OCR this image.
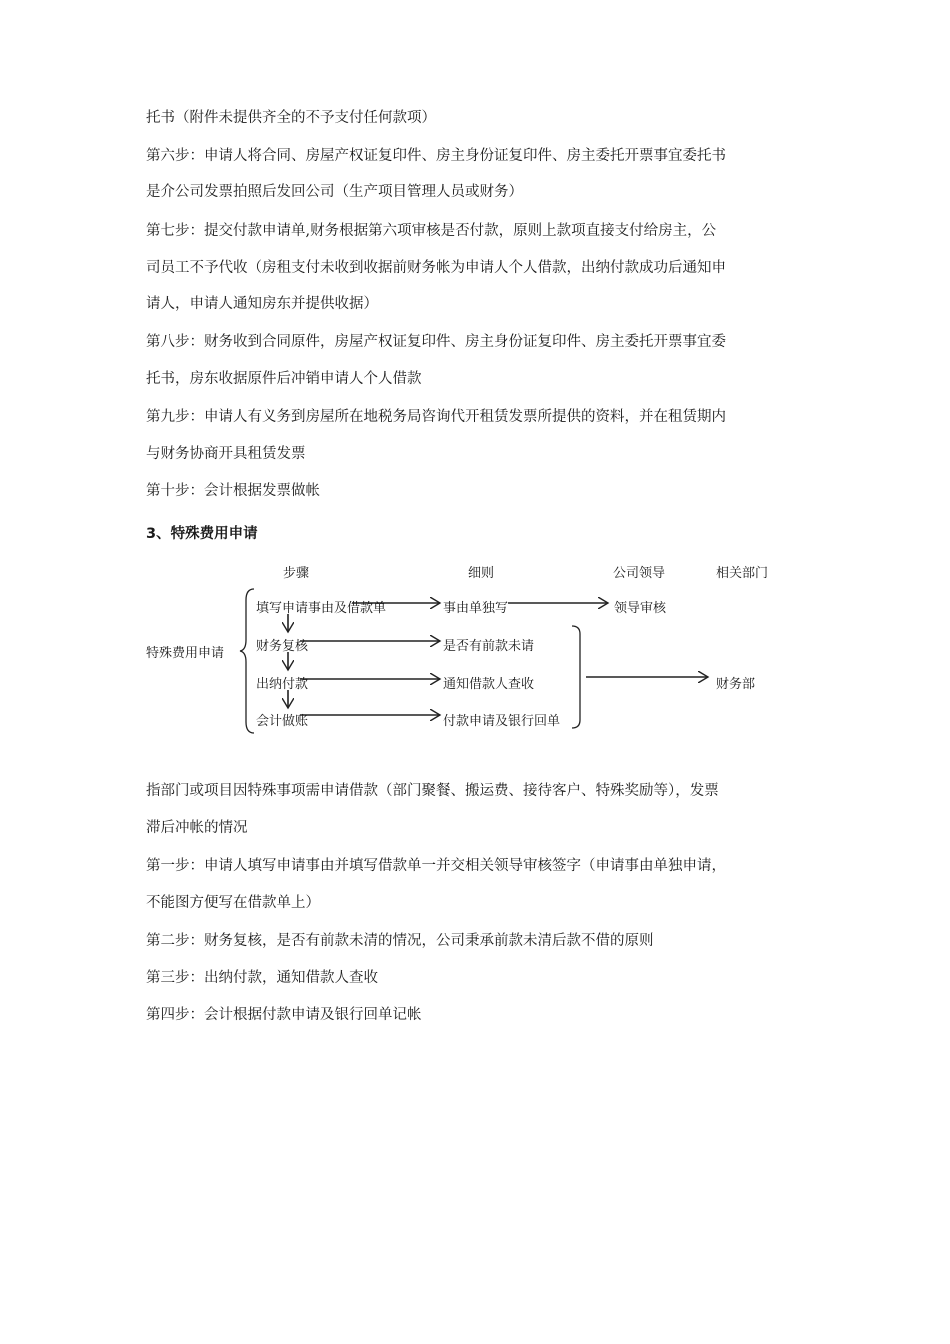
托书（附件未提供齐全的不予支付任何款项）
第六步：申请人将合同、房屋产权证复印件、房主身份证复印件、房主委托开票事宜委托书
是介公司发票拍照后发回公司（生产项目管理人员或财务）
第七步：提交付款申请单,财务根据第六项审核是否付款，原则上款项直接支付给房主，公
司员工不予代收（房租支付未收到收据前财务帐为申请人个人借款，出纳付款成功后通知申
请人，申请人通知房东并提供收据）
第八步：财务收到合同原件，房屋产权证复印件、房主身份证复印件、房主委托开票事宜委
托书，房东收据原件后冲销申请人个人借款
第九步：申请人有义务到房屋所在地税务局咨询代开租赁发票所提供的资料，并在租赁期内
与财务协商开具租赁发票
第十步：会计根据发票做帐
3、特殊费用申请
步骤	细则	公司领导	相关部门
特殊费用申请
填写申请事由及借款单
财务复核
出纳付款
会计做账
事由单独写
是否有前款未请
通知借款人查收
付款申请及银行回单
领导审核
财务部
指部门或项目因特殊事项需申请借款（部门聚餐、搬运费、接待客户、特殊奖励等），发票
滞后冲帐的情况
第一步：申请人填写申请事由并填写借款单一并交相关领导审核签字（申请事由单独申请，
不能图方便写在借款单上）
第二步：财务复核，是否有前款未清的情况，公司秉承前款未清后款不借的原则
第三步：出纳付款，通知借款人查收
第四步：会计根据付款申请及银行回单记帐
